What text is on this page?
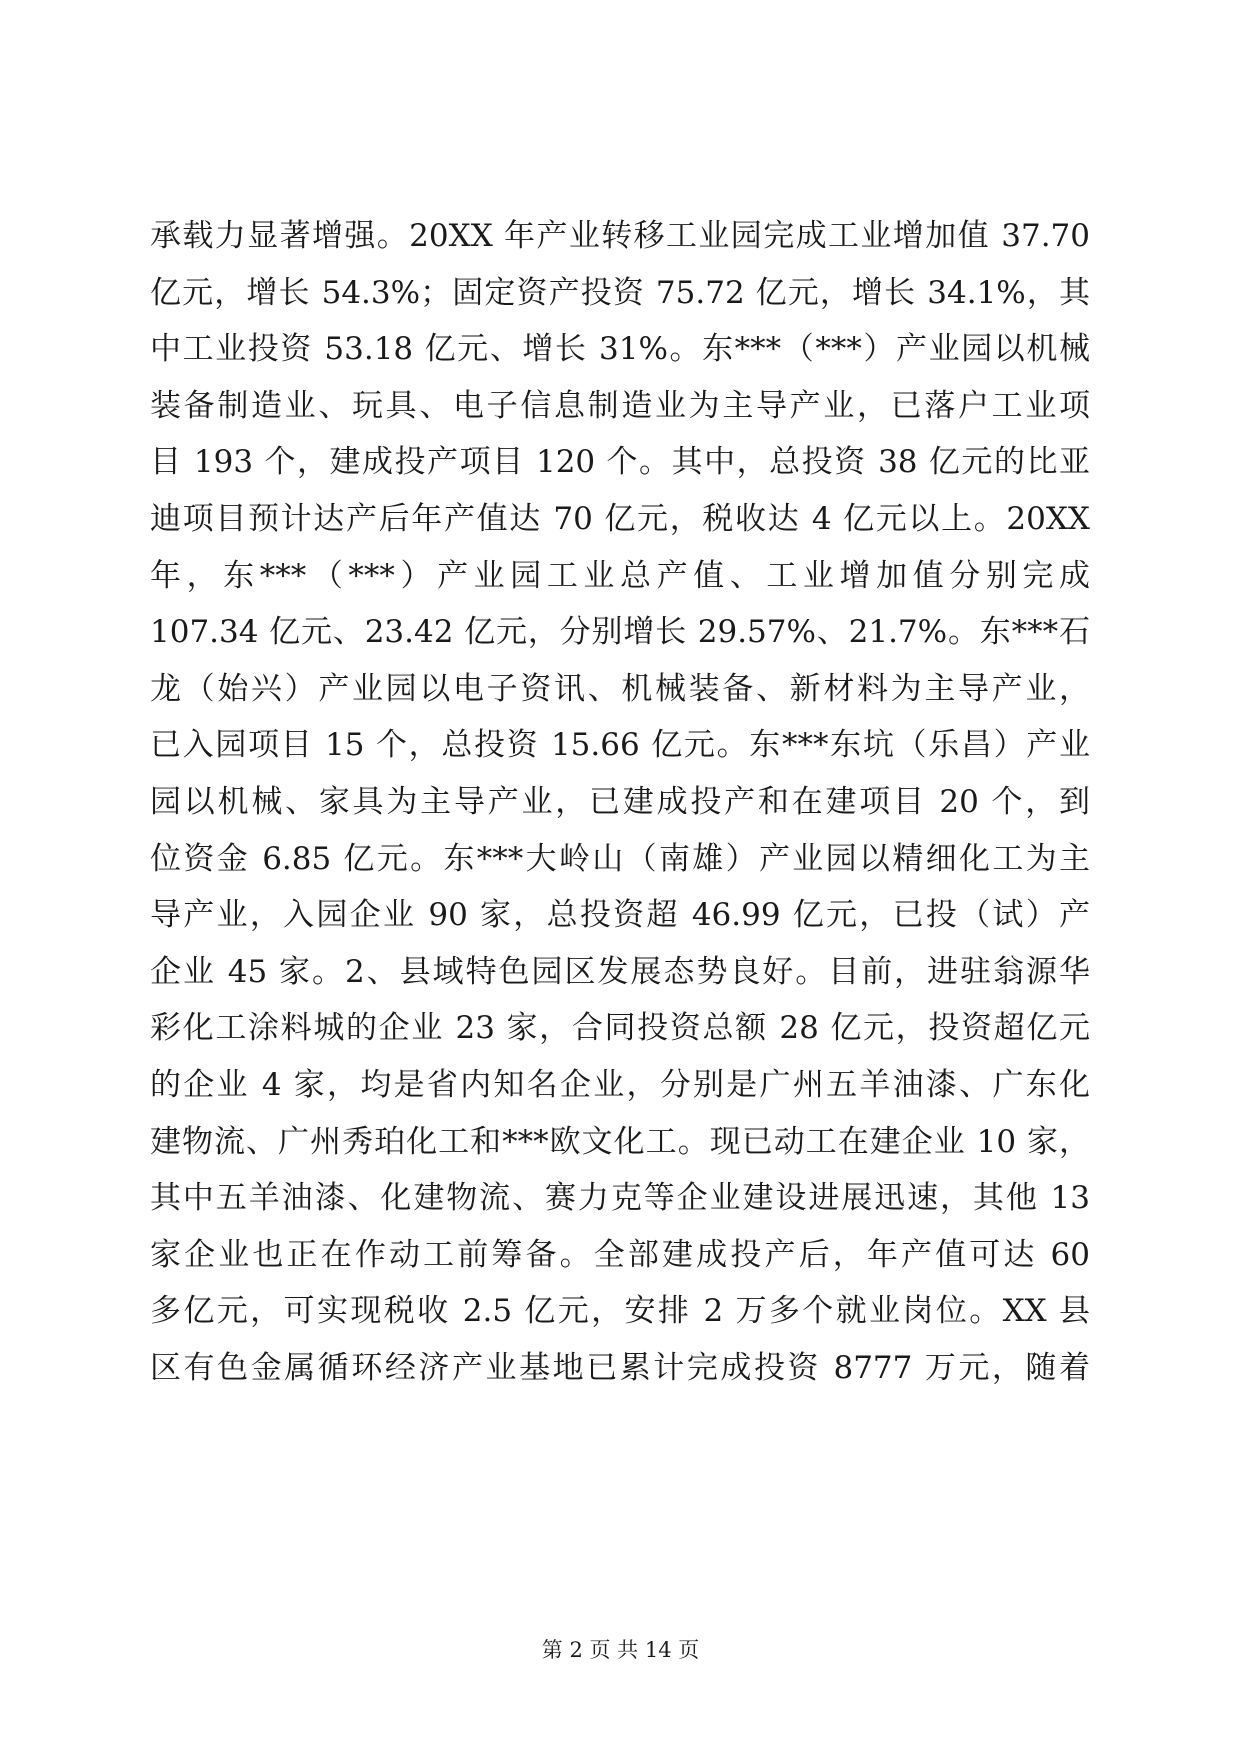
承载力显著增强。20XX 年产业转移工业园完成工业增加值 37.70
亿元，增长 54.3%；固定资产投资 75.72 亿元，增长 34.1%，其
中工业投资 53.18 亿元、增长 31%。东***（***）产业园以机械
装备制造业、玩具、电子信息制造业为主导产业，已落户工业项
目 193 个，建成投产项目 120 个。其中，总投资 38 亿元的比亚
迪项目预计达产后年产值达 70 亿元，税收达 4 亿元以上。20XX
年，东***（***）产业园工业总产值、工业增加值分别完成
107.34 亿元、23.42 亿元，分别增长 29.57%、21.7%。东***石
龙（始兴）产业园以电子资讯、机械装备、新材料为主导产业，
已入园项目 15 个，总投资 15.66 亿元。东***东坑（乐昌）产业
园以机械、家具为主导产业，已建成投产和在建项目 20 个，到
位资金 6.85 亿元。东***大岭山（南雄）产业园以精细化工为主
导产业，入园企业 90 家，总投资超 46.99 亿元，已投（试）产
企业 45 家。2、县域特色园区发展态势良好。目前，进驻翁源华
彩化工涂料城的企业 23 家，合同投资总额 28 亿元，投资超亿元
的企业 4 家，均是省内知名企业，分别是广州五羊油漆、广东化
建物流、广州秀珀化工和***欧文化工。现已动工在建企业 10 家，
其中五羊油漆、化建物流、赛力克等企业建设进展迅速，其他 13
家企业也正在作动工前筹备。全部建成投产后，年产值可达 60
多亿元，可实现税收 2.5 亿元，安排 2 万多个就业岗位。XX 县
区有色金属循环经济产业基地已累计完成投资 8777 万元，随着
第 2 页 共 14 页
